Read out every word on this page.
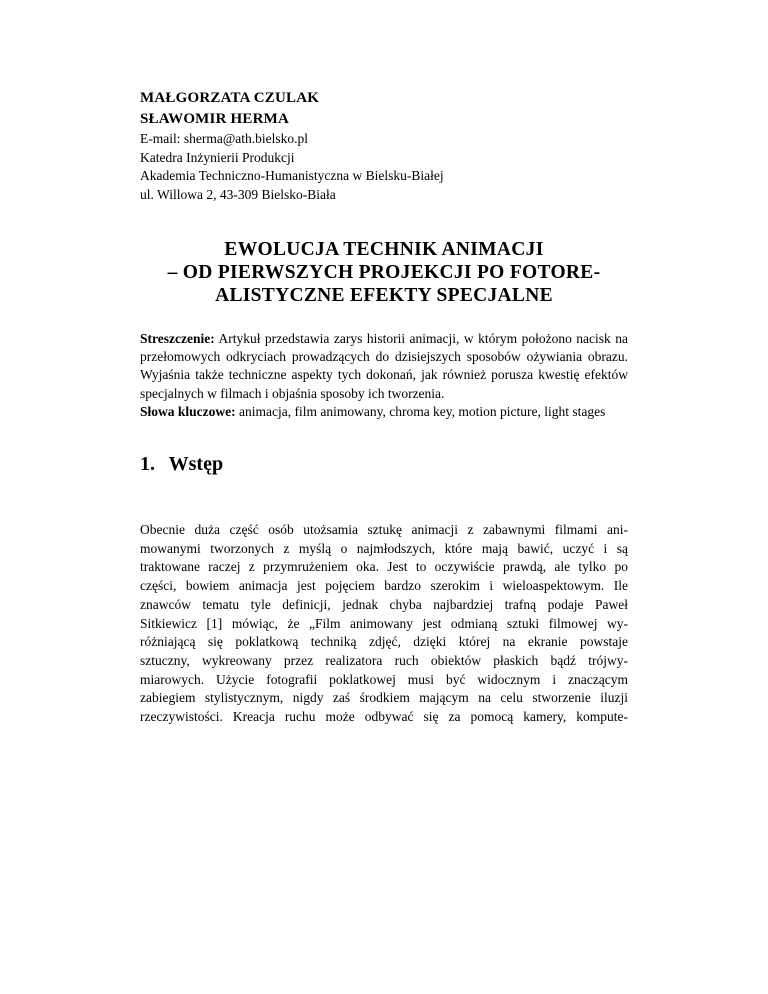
MAŁGORZATA CZULAK
SŁAWOMIR HERMA
E-mail: sherma@ath.bielsko.pl
Katedra Inżynierii Produkcji
Akademia Techniczno-Humanistyczna w Bielsku-Białej
ul. Willowa 2, 43-309 Bielsko-Biała
EWOLUCJA TECHNIK ANIMACJI
– OD PIERWSZYCH PROJEKCJI PO FOTORE-
ALISTYCZNE EFEKTY SPECJALNE

Streszczenie: Artykuł przedstawia zarys historii animacji, w którym położono nacisk na przełomowych odkryciach prowadzących do dzisiejszych sposobów ożywiania obrazu. Wyjaśnia także techniczne aspekty tych dokonań, jak również porusza kwestię efektów specjalnych w filmach i objaśnia sposoby ich tworzenia.

Słowa kluczowe: animacja, film animowany, chroma key, motion picture, light stages

1. Wstęp
Obecnie duża część osób utożsamia sztukę animacji z zabawnymi filmami ani-
mowanymi tworzonych z myślą o najmłodszych, które mają bawić, uczyć i są
traktowane raczej z przymrużeniem oka. Jest to oczywiście prawdą, ale tylko po
części, bowiem animacja jest pojęciem bardzo szerokim i wieloaspektowym. Ile
znawców tematu tyle definicji, jednak chyba najbardziej trafną podaje Paweł
Sitkiewicz [1] mówiąc, że „Film animowany jest odmianą sztuki filmowej wy-
różniającą się poklatkową techniką zdjęć, dzięki której na ekranie powstaje
sztuczny, wykreowany przez realizatora ruch obiektów płaskich bądź trójwy-
miarowych. Użycie fotografii poklatkowej musi być widocznym i znaczącym
zabiegiem stylistycznym, nigdy zaś środkiem mającym na celu stworzenie iluzji
rzeczywistości. Kreacja ruchu może odbywać się za pomocą kamery, kompute-
